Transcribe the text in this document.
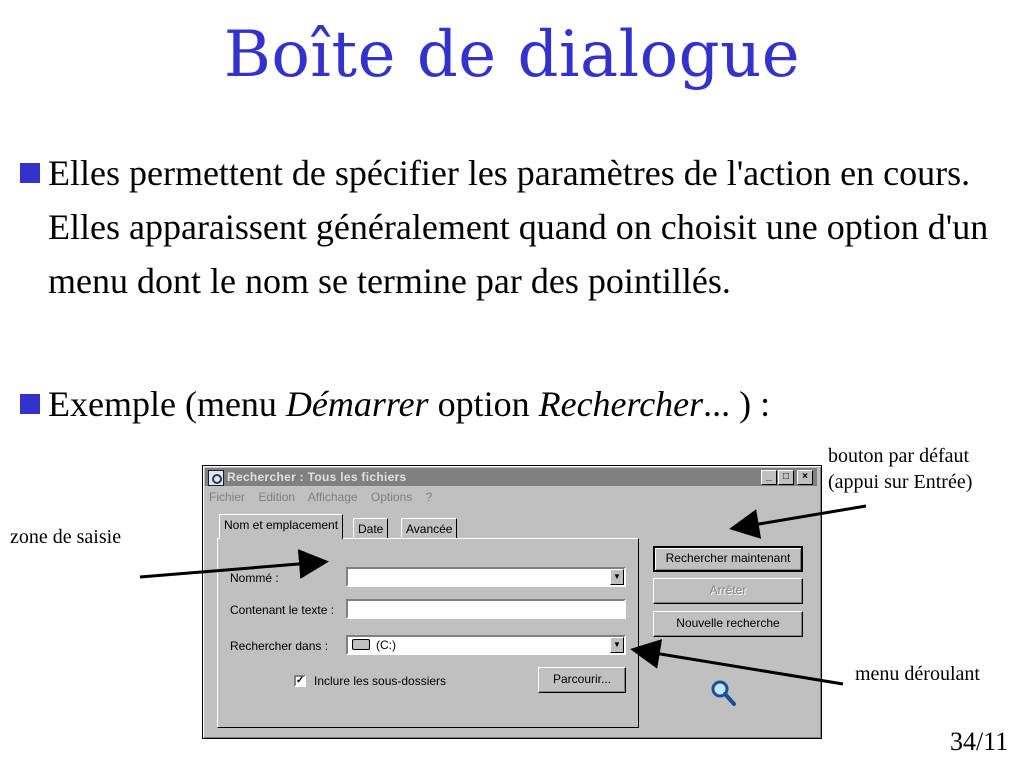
Boîte de dialogue
Elles permettent de spécifier les paramètres de l'action en cours. Elles apparaissent généralement quand on choisit une option d'un menu dont le nom se termine par des pointillés.
Exemple (menu Démarrer option Rechercher... ) :
bouton par défaut
(appui sur Entrée)
zone de saisie
menu déroulant
Rechercher : Tous les fichiers	_	□	×
Fichier Edition Affichage Options ?
Nom et emplacement	Date	Avancée
Nommé :	▼
Contenant le texte :
Rechercher dans :	(C:)	▼
✓ Inclure les sous-dossiers	Parcourir...
Rechercher maintenant
Arrêter
Nouvelle recherche
34/11
